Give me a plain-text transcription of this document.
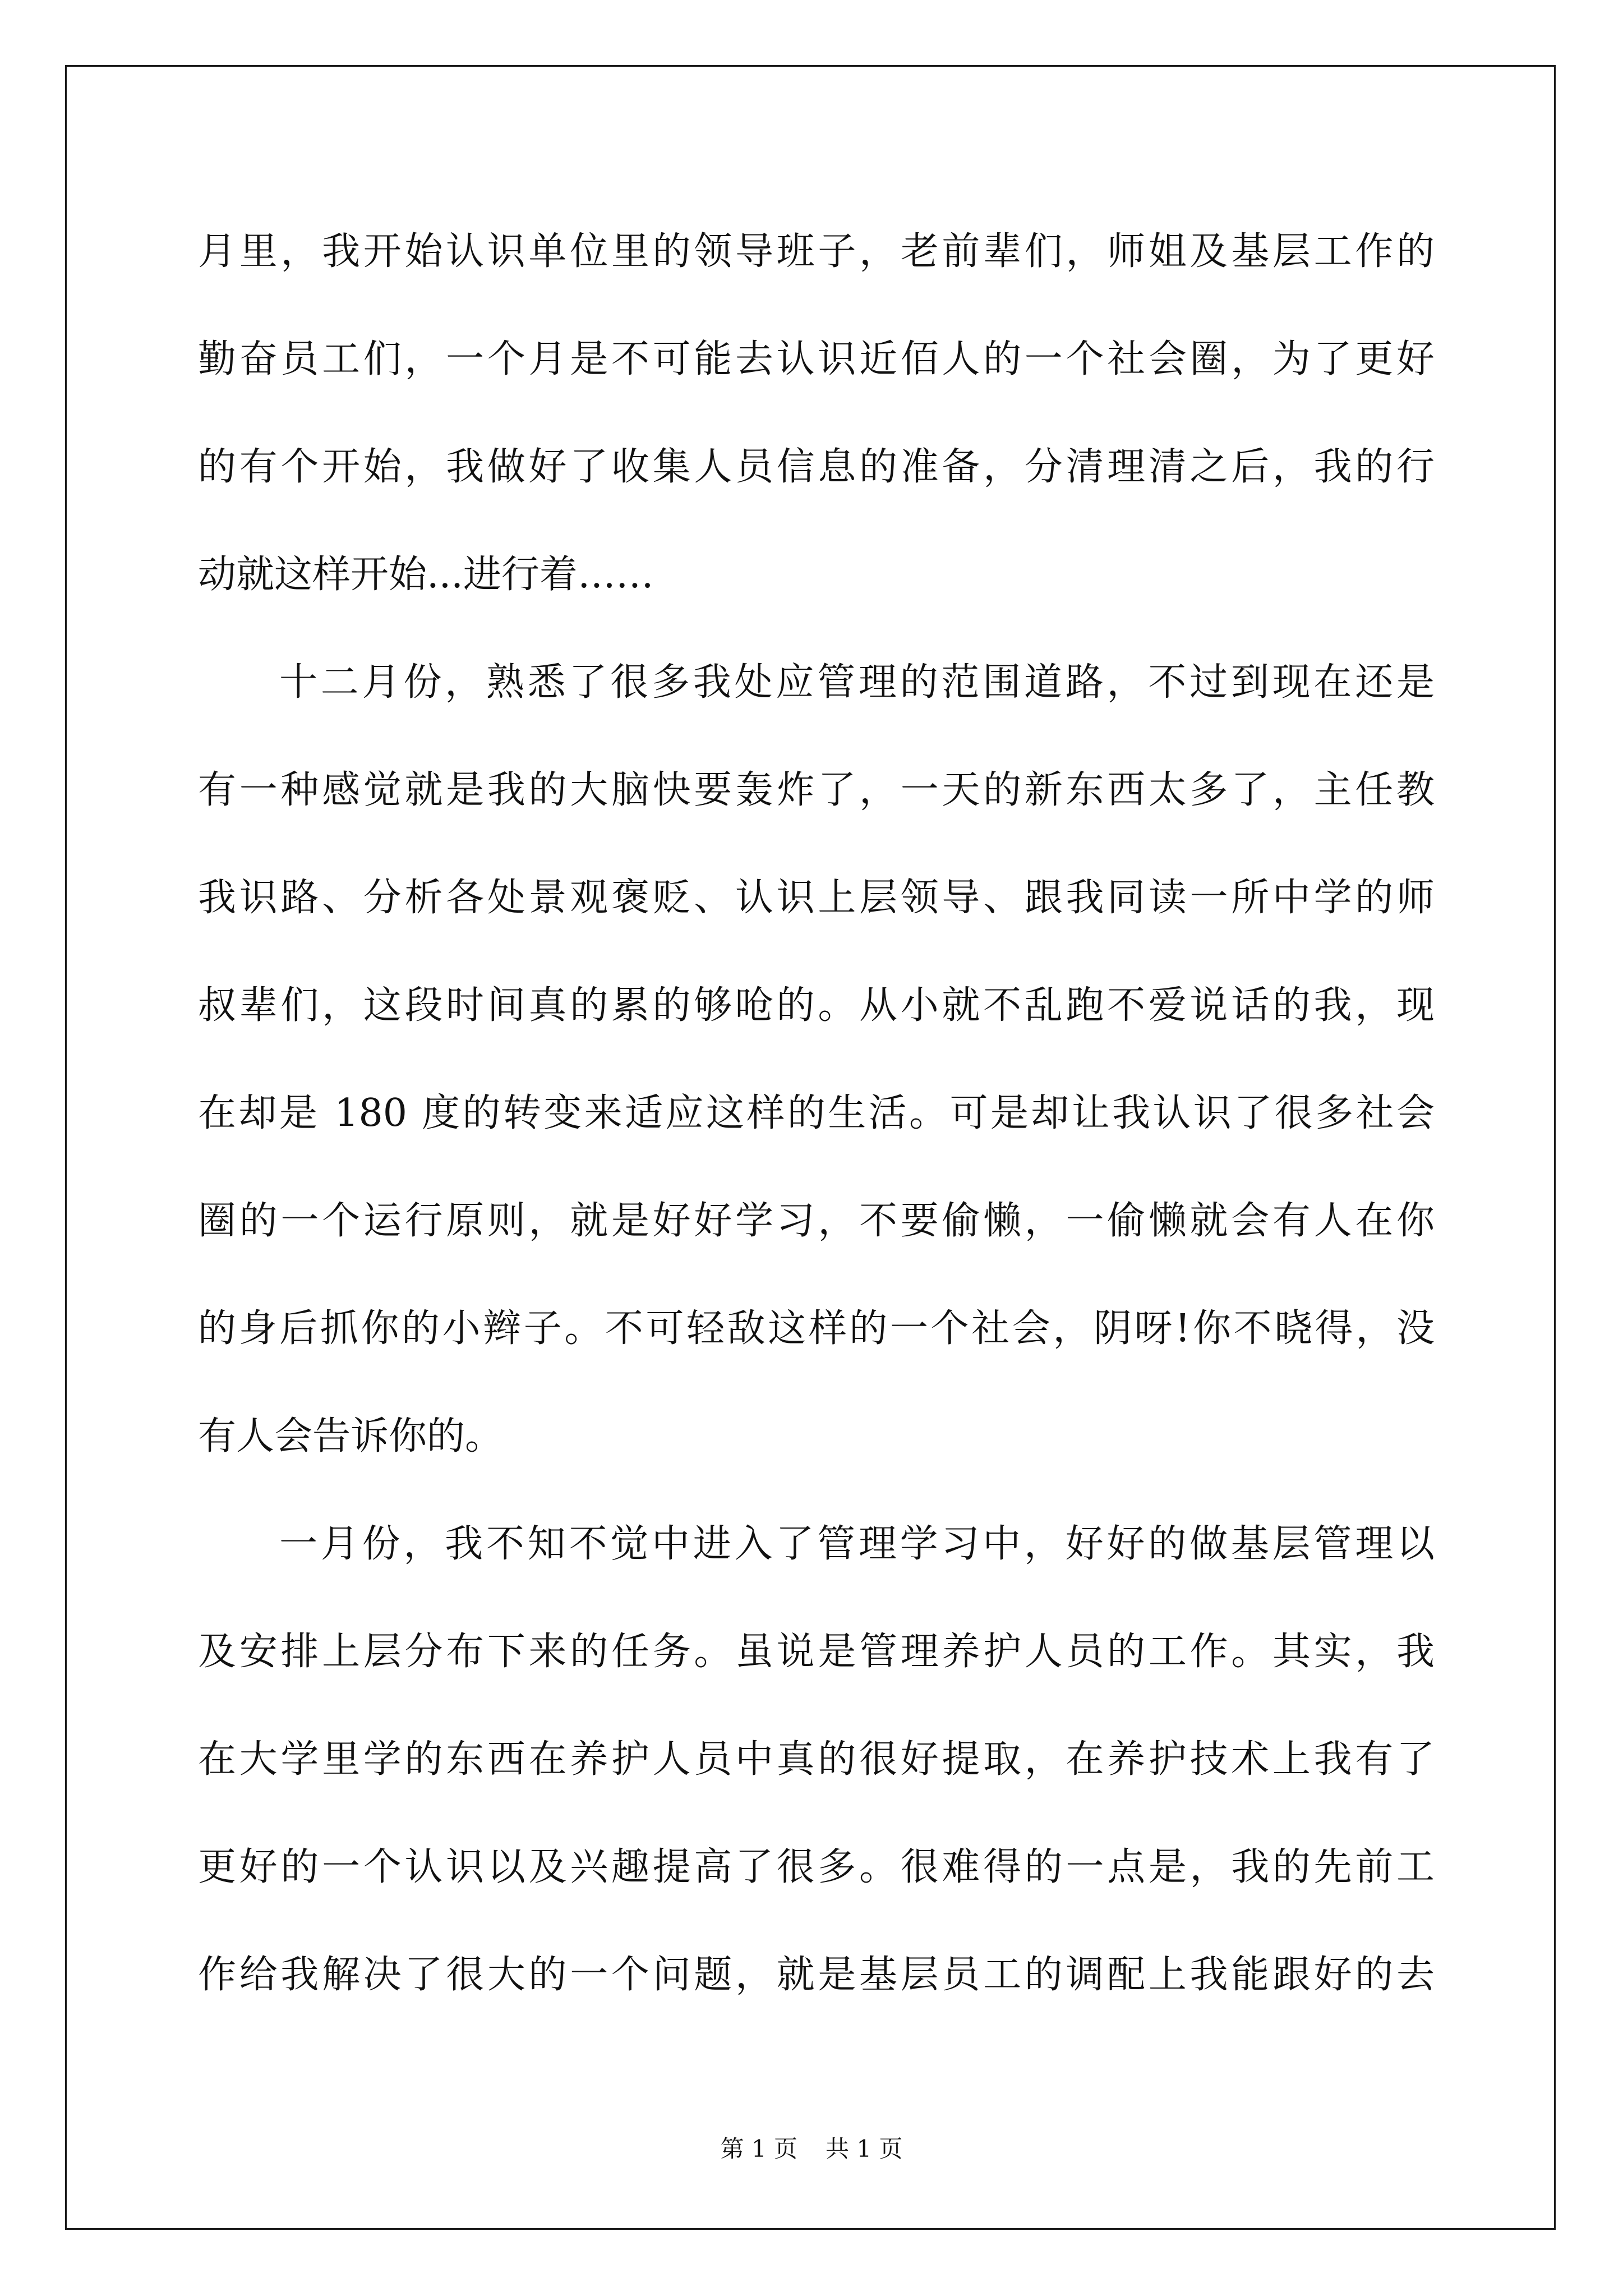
月里，我开始认识单位里的领导班子，老前辈们，师姐及基层工作的
勤奋员工们，一个月是不可能去认识近佰人的一个社会圈，为了更好
的有个开始，我做好了收集人员信息的准备，分清理清之后，我的行
动就这样开始...进行着……
十二月份，熟悉了很多我处应管理的范围道路，不过到现在还是
有一种感觉就是我的大脑快要轰炸了，一天的新东西太多了，主任教
我识路、分析各处景观褒贬、认识上层领导、跟我同读一所中学的师
叔辈们，这段时间真的累的够呛的。从小就不乱跑不爱说话的我，现
在却是 180 度的转变来适应这样的生活。可是却让我认识了很多社会
圈的一个运行原则，就是好好学习，不要偷懒，一偷懒就会有人在你
的身后抓你的小辫子。不可轻敌这样的一个社会，阴呀!你不晓得，没
有人会告诉你的。
一月份，我不知不觉中进入了管理学习中，好好的做基层管理以
及安排上层分布下来的任务。虽说是管理养护人员的工作。其实，我
在大学里学的东西在养护人员中真的很好提取，在养护技术上我有了
更好的一个认识以及兴趣提高了很多。很难得的一点是，我的先前工
作给我解决了很大的一个问题，就是基层员工的调配上我能跟好的去
第 1 页 共 1 页
